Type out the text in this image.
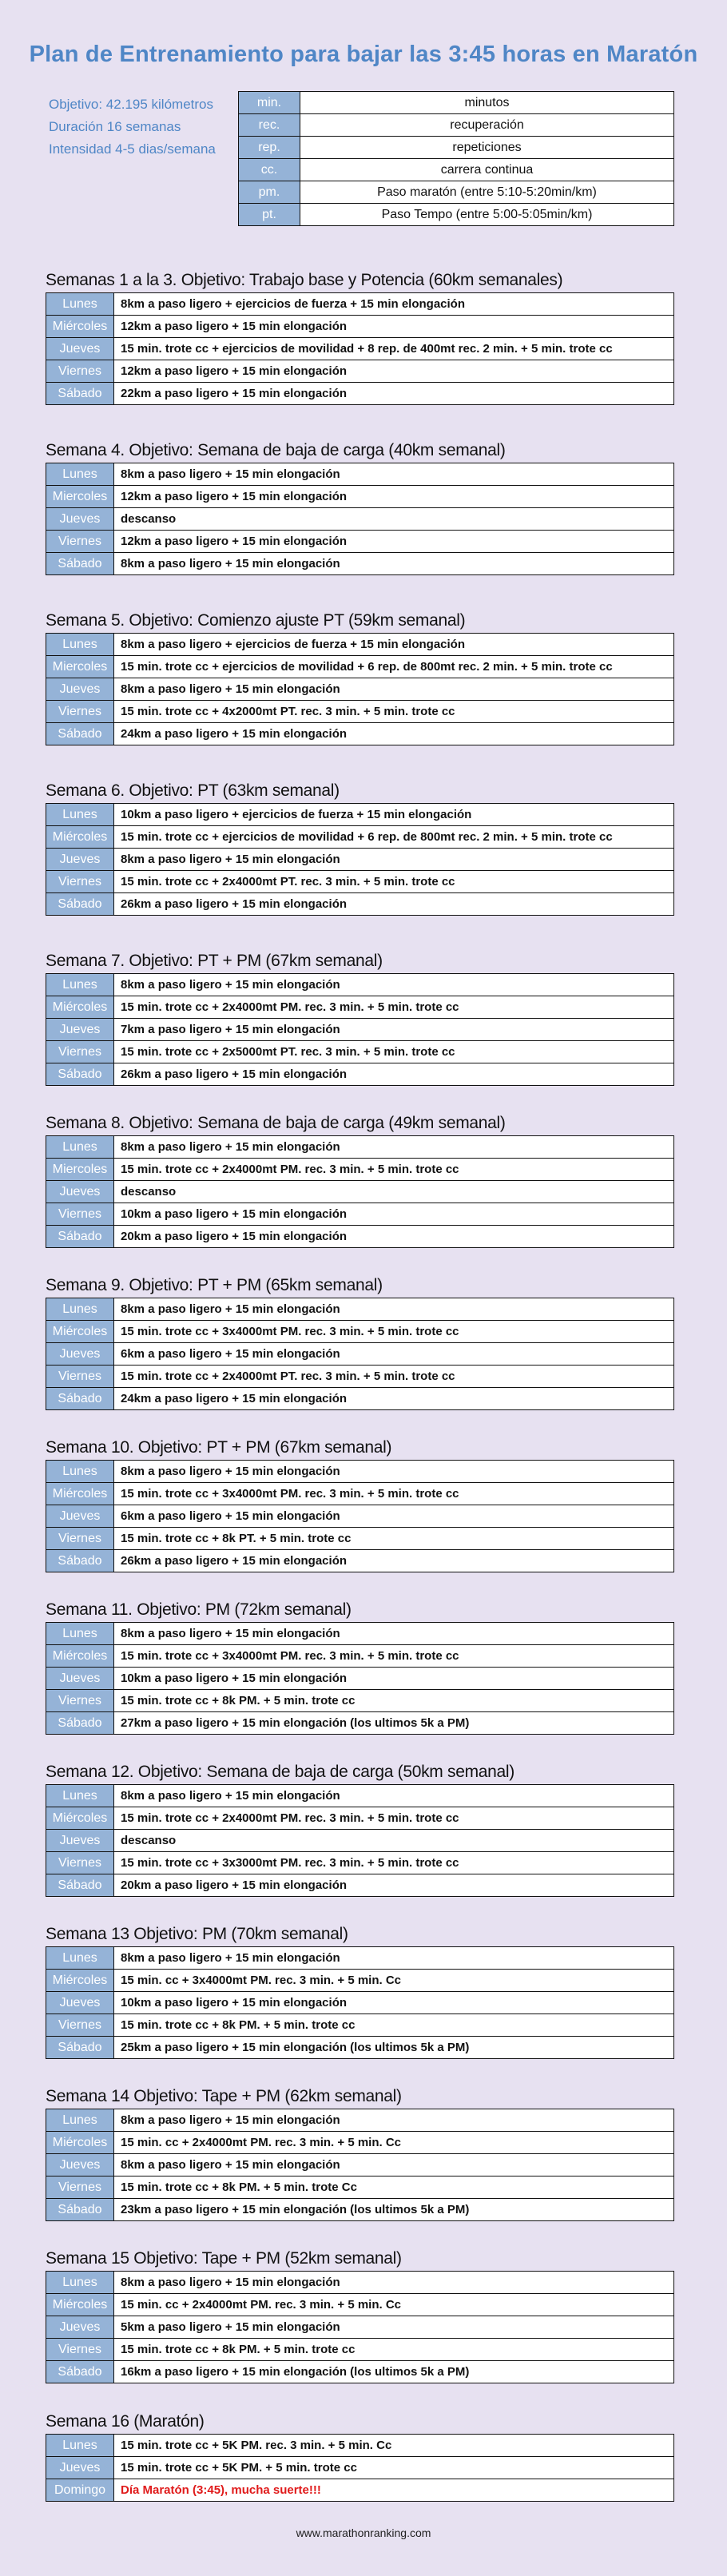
Plan de Entrenamiento para bajar las 3:45 horas en Maratón
Objetivo: 42.195 kilómetros
Duración 16 semanas
Intensidad 4-5 dias/semana
min.	minutos
rec.	recuperación
rep.	repeticiones
cc.	carrera continua
pm.	Paso maratón (entre 5:10-5:20min/km)
pt.	Paso Tempo (entre 5:00-5:05min/km)
Semanas 1 a la 3. Objetivo: Trabajo base y Potencia (60km semanales)
Lunes	8km a paso ligero + ejercicios de fuerza + 15 min elongación
Miércoles	12km a paso ligero + 15 min elongación
Jueves	15 min. trote cc + ejercicios de movilidad + 8 rep. de 400mt rec. 2 min. + 5 min. trote cc
Viernes	12km a paso ligero + 15 min elongación
Sábado	22km a paso ligero + 15 min elongación
Semana 4. Objetivo: Semana de baja de carga (40km semanal)
Lunes	8km a paso ligero + 15 min elongación
Miercoles	12km a paso ligero + 15 min elongación
Jueves	descanso
Viernes	12km a paso ligero + 15 min elongación
Sábado	8km a paso ligero + 15 min elongación
Semana 5. Objetivo: Comienzo ajuste PT (59km semanal)
Lunes	8km a paso ligero + ejercicios de fuerza + 15 min elongación
Miercoles	15 min. trote cc + ejercicios de movilidad + 6 rep. de 800mt rec. 2 min. + 5 min. trote cc
Jueves	8km a paso ligero + 15 min elongación
Viernes	15 min. trote cc + 4x2000mt PT. rec. 3 min. + 5 min. trote cc
Sábado	24km a paso ligero + 15 min elongación
Semana 6. Objetivo: PT (63km semanal)
Lunes	10km a paso ligero + ejercicios de fuerza + 15 min elongación
Miércoles	15 min. trote cc + ejercicios de movilidad + 6 rep. de 800mt rec. 2 min. + 5 min. trote cc
Jueves	8km a paso ligero + 15 min elongación
Viernes	15 min. trote cc + 2x4000mt PT. rec. 3 min. + 5 min. trote cc
Sábado	26km a paso ligero + 15 min elongación
Semana 7. Objetivo: PT + PM (67km semanal)
Lunes	8km a paso ligero + 15 min elongación
Miércoles	15 min. trote cc + 2x4000mt PM. rec. 3 min. + 5 min. trote cc
Jueves	7km a paso ligero + 15 min elongación
Viernes	15 min. trote cc + 2x5000mt PT. rec. 3 min. + 5 min. trote cc
Sábado	26km a paso ligero + 15 min elongación
Semana 8. Objetivo: Semana de baja de carga (49km semanal)
Lunes	8km a paso ligero + 15 min elongación
Miercoles	15 min. trote cc + 2x4000mt PM. rec. 3 min. + 5 min. trote cc
Jueves	descanso
Viernes	10km a paso ligero + 15 min elongación
Sábado	20km a paso ligero + 15 min elongación
Semana 9. Objetivo: PT + PM (65km semanal)
Lunes	8km a paso ligero + 15 min elongación
Miércoles	15 min. trote cc + 3x4000mt PM. rec. 3 min. + 5 min. trote cc
Jueves	6km a paso ligero + 15 min elongación
Viernes	15 min. trote cc + 2x4000mt PT. rec. 3 min. + 5 min. trote cc
Sábado	24km a paso ligero + 15 min elongación
Semana 10. Objetivo: PT + PM (67km semanal)
Lunes	8km a paso ligero + 15 min elongación
Miércoles	15 min. trote cc + 3x4000mt PM. rec. 3 min. + 5 min. trote cc
Jueves	6km a paso ligero + 15 min elongación
Viernes	15 min. trote cc + 8k PT. + 5 min. trote cc
Sábado	26km a paso ligero + 15 min elongación
Semana 11. Objetivo: PM (72km semanal)
Lunes	8km a paso ligero + 15 min elongación
Miércoles	15 min. trote cc + 3x4000mt PM. rec. 3 min. + 5 min. trote cc
Jueves	10km a paso ligero + 15 min elongación
Viernes	15 min. trote cc + 8k PM. + 5 min. trote cc
Sábado	27km a paso ligero + 15 min elongación (los ultimos 5k a PM)
Semana 12. Objetivo: Semana de baja de carga (50km semanal)
Lunes	8km a paso ligero + 15 min elongación
Miércoles	15 min. trote cc + 2x4000mt PM. rec. 3 min. + 5 min. trote cc
Jueves	descanso
Viernes	15 min. trote cc + 3x3000mt PM. rec. 3 min. + 5 min. trote cc
Sábado	20km a paso ligero + 15 min elongación
Semana 13 Objetivo: PM (70km semanal)
Lunes	8km a paso ligero + 15 min elongación
Miércoles	15 min. cc + 3x4000mt PM. rec. 3 min. + 5 min. Cc
Jueves	10km a paso ligero + 15 min elongación
Viernes	15 min. trote cc + 8k PM. + 5 min. trote cc
Sábado	25km a paso ligero + 15 min elongación (los ultimos 5k a PM)
Semana 14 Objetivo: Tape + PM (62km semanal)
Lunes	8km a paso ligero + 15 min elongación
Miércoles	15 min. cc + 2x4000mt PM. rec. 3 min. + 5 min. Cc
Jueves	8km a paso ligero + 15 min elongación
Viernes	15 min. trote cc + 8k PM. + 5 min. trote Cc
Sábado	23km a paso ligero + 15 min elongación (los ultimos 5k a PM)
Semana 15 Objetivo: Tape + PM (52km semanal)
Lunes	8km a paso ligero + 15 min elongación
Miércoles	15 min. cc + 2x4000mt PM. rec. 3 min. + 5 min. Cc
Jueves	5km a paso ligero + 15 min elongación
Viernes	15 min. trote cc + 8k PM. + 5 min. trote cc
Sábado	16km a paso ligero + 15 min elongación (los ultimos 5k a PM)
Semana 16 (Maratón)
Lunes	15 min. trote cc + 5K PM. rec. 3 min. + 5 min. Cc
Jueves	15 min. trote cc + 5K PM. + 5 min. trote cc
Domingo	Día Maratón (3:45), mucha suerte!!!
www.marathonranking.com
